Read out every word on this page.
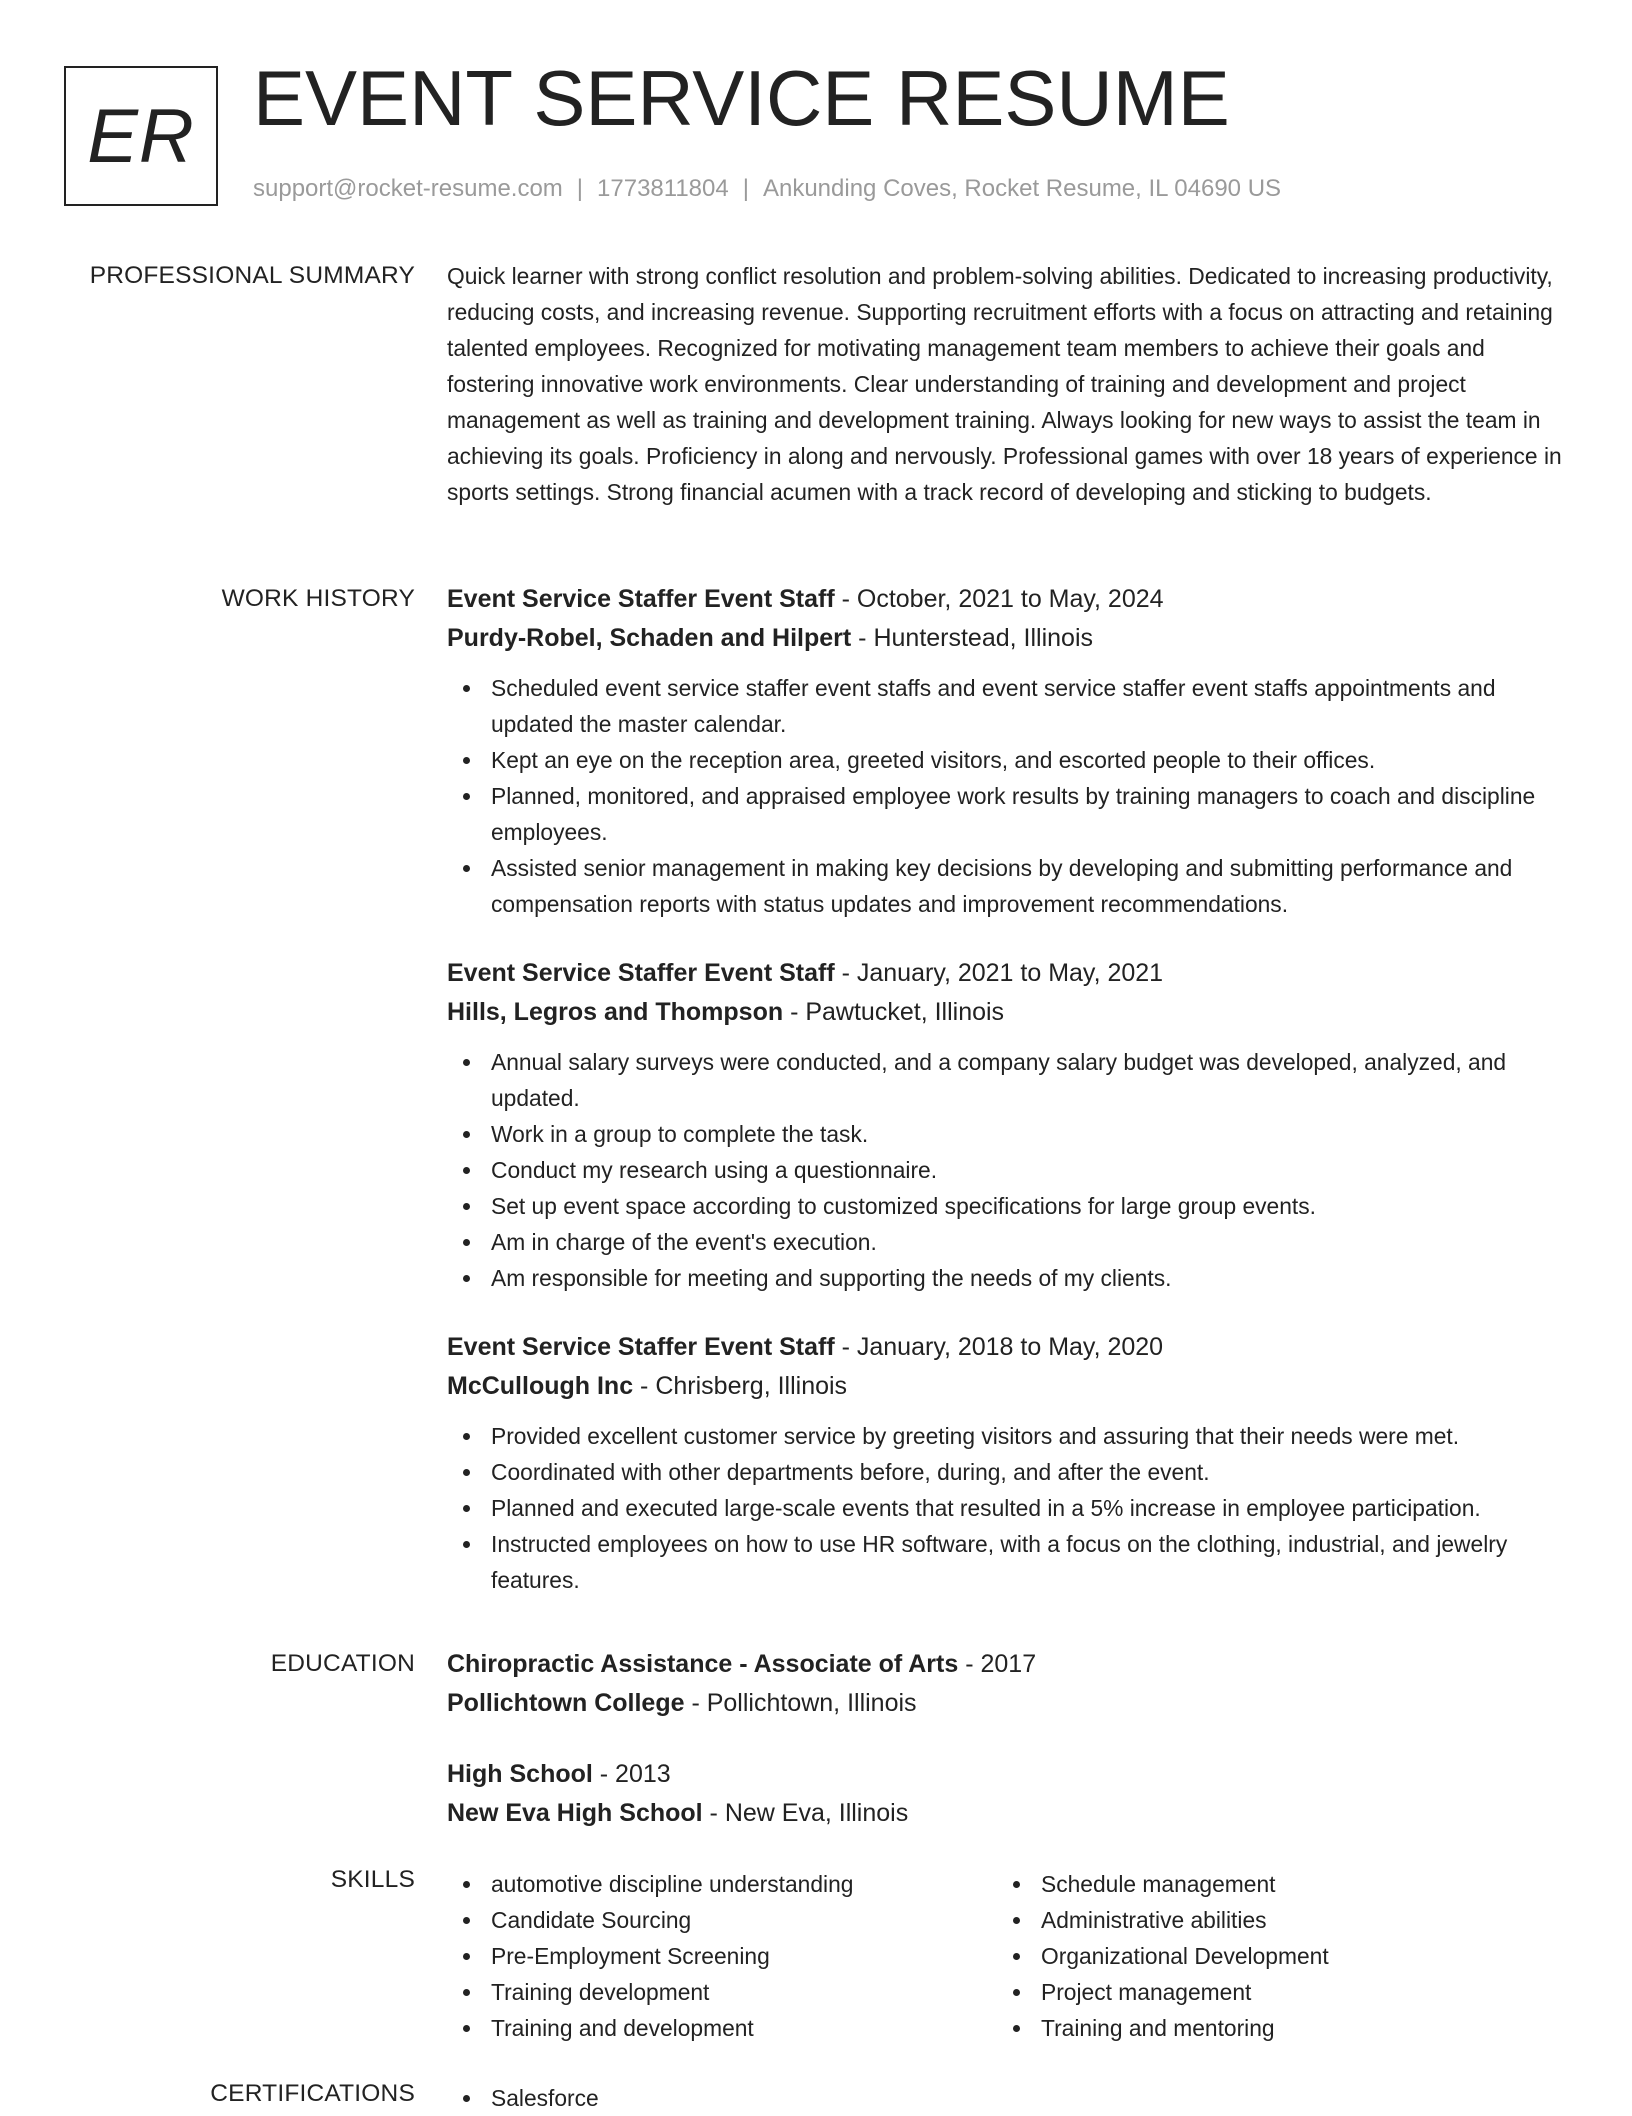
ER EVENT SERVICE RESUME
support@rocket-resume.com | 1773811804 | Ankunding Coves, Rocket Resume, IL 04690 US
PROFESSIONAL SUMMARY Quick learner with strong conflict resolution and problem-solving abilities. Dedicated to increasing productivity, reducing costs, and increasing revenue. Supporting recruitment efforts with a focus on attracting and retaining talented employees. Recognized for motivating management team members to achieve their goals and fostering innovative work environments. Clear understanding of training and development and project management as well as training and development training. Always looking for new ways to assist the team in achieving its goals. Proficiency in along and nervously. Professional games with over 18 years of experience in sports settings. Strong financial acumen with a track record of developing and sticking to budgets.
WORK HISTORY Event Service Staffer Event Staff - October, 2021 to May, 2024
Purdy-Robel, Schaden and Hilpert - Hunterstead, Illinois
Scheduled event service staffer event staffs and event service staffer event staffs appointments and updated the master calendar.
Kept an eye on the reception area, greeted visitors, and escorted people to their offices.
Planned, monitored, and appraised employee work results by training managers to coach and discipline employees.
Assisted senior management in making key decisions by developing and submitting performance and compensation reports with status updates and improvement recommendations.
Event Service Staffer Event Staff - January, 2021 to May, 2021
Hills, Legros and Thompson - Pawtucket, Illinois
Annual salary surveys were conducted, and a company salary budget was developed, analyzed, and updated.
Work in a group to complete the task.
Conduct my research using a questionnaire.
Set up event space according to customized specifications for large group events.
Am in charge of the event's execution.
Am responsible for meeting and supporting the needs of my clients.
Event Service Staffer Event Staff - January, 2018 to May, 2020
McCullough Inc - Chrisberg, Illinois
Provided excellent customer service by greeting visitors and assuring that their needs were met.
Coordinated with other departments before, during, and after the event.
Planned and executed large-scale events that resulted in a 5% increase in employee participation.
Instructed employees on how to use HR software, with a focus on the clothing, industrial, and jewelry features.
EDUCATION Chiropractic Assistance - Associate of Arts - 2017
Pollichtown College - Pollichtown, Illinois
High School - 2013
New Eva High School - New Eva, Illinois
SKILLS	automotive discipline understanding
Candidate Sourcing
Pre-Employment Screening
Training development
Training and development
Schedule management
Administrative abilities
Organizational Development
Project management
Training and mentoring
CERTIFICATIONS	Salesforce
